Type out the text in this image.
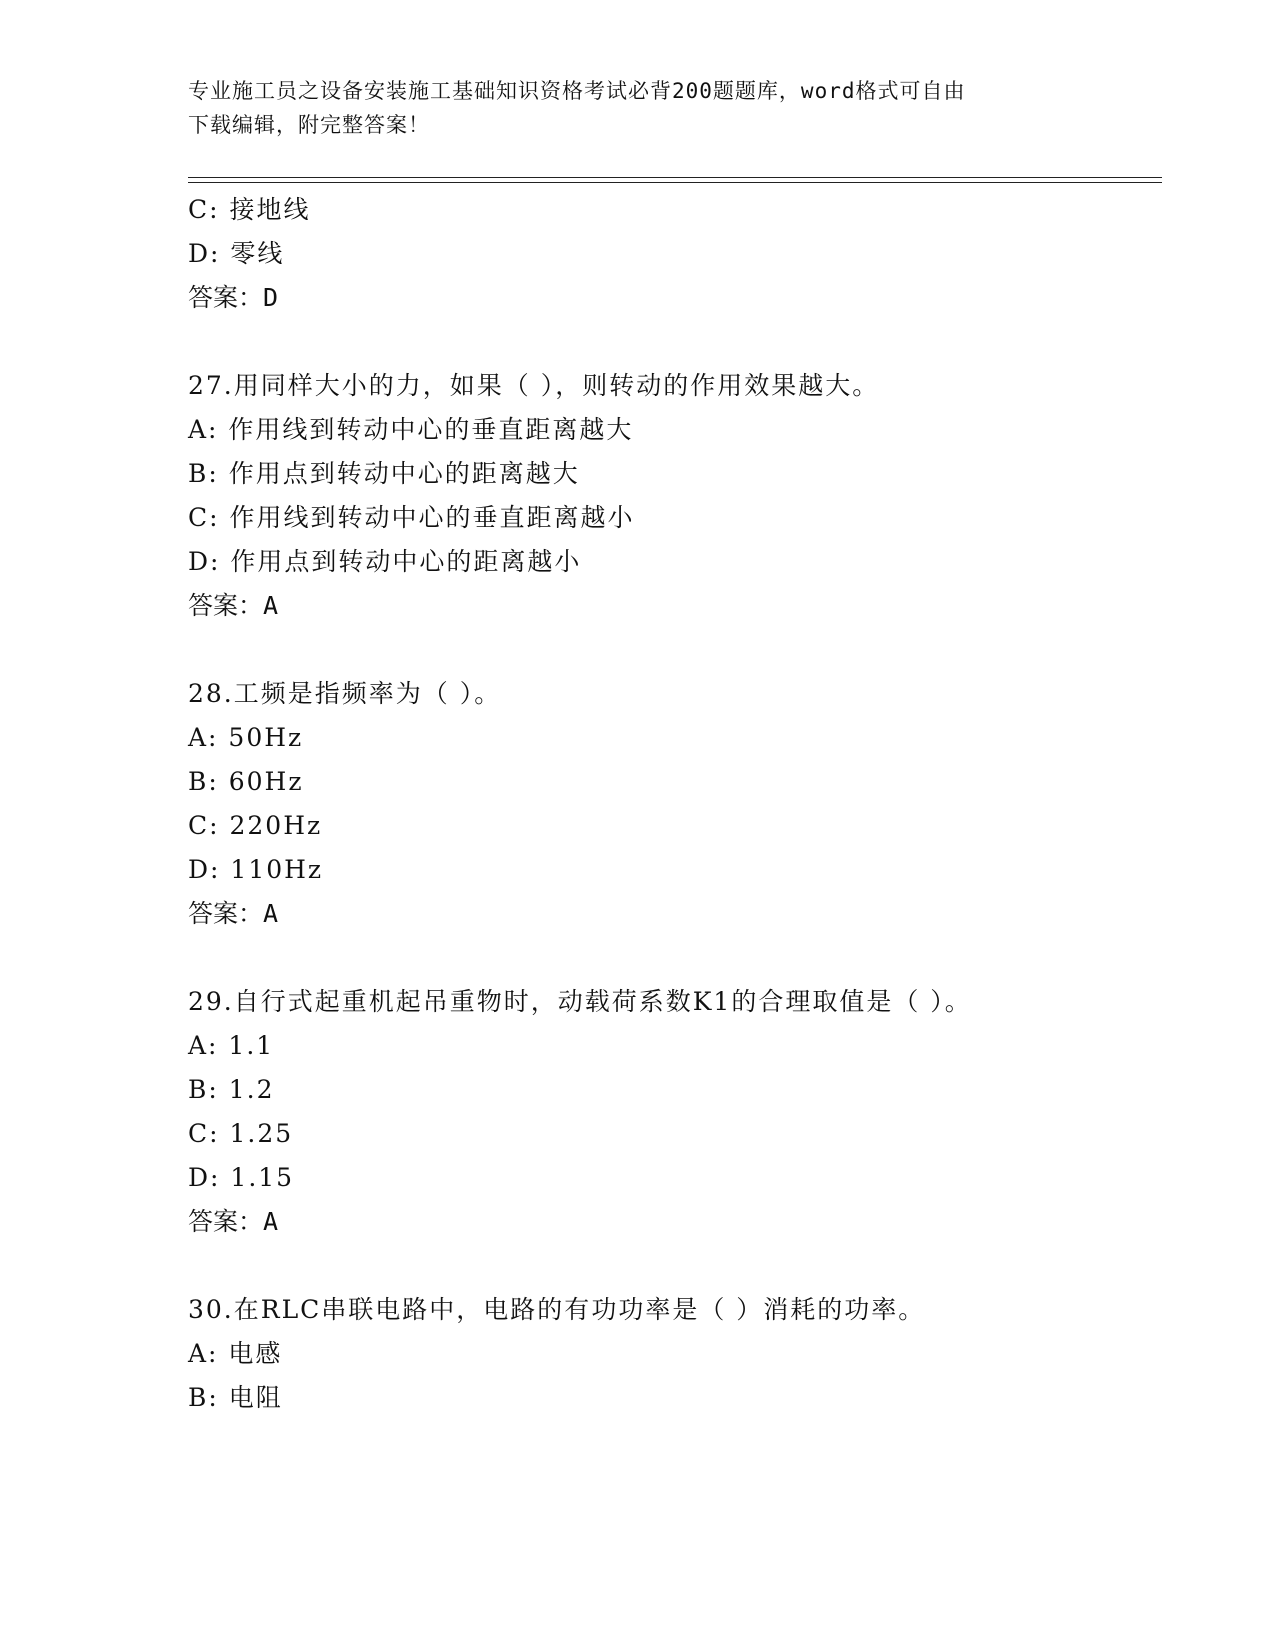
专业施工员之设备安装施工基础知识资格考试必背200题题库，word格式可自由
下载编辑，附完整答案！
C: 接地线
D: 零线
答案：D
27.用同样大小的力，如果（ ），则转动的作用效果越大。
A: 作用线到转动中心的垂直距离越大
B: 作用点到转动中心的距离越大
C: 作用线到转动中心的垂直距离越小
D: 作用点到转动中心的距离越小
答案：A
28.工频是指频率为（ ）。
A: 50Hz
B: 60Hz
C: 220Hz
D: 110Hz
答案：A
29.自行式起重机起吊重物时，动载荷系数K1的合理取值是（ ）。
A: 1.1
B: 1.2
C: 1.25
D: 1.15
答案：A
30.在RLC串联电路中，电路的有功功率是（ ）消耗的功率。
A: 电感
B: 电阻
